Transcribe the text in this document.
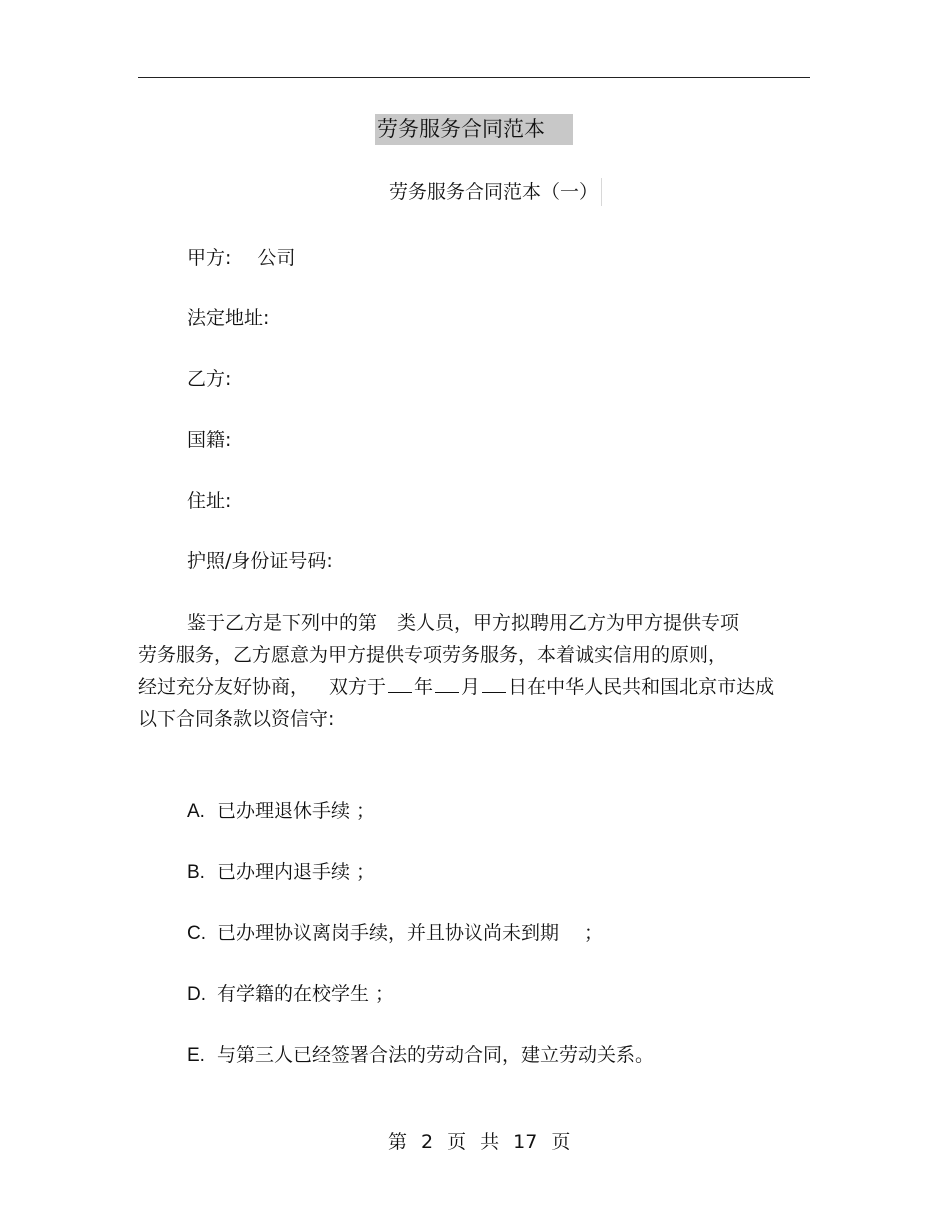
劳务服务合同范本
劳务服务合同范本（一）
甲方: 公司
法定地址:
乙方:
国籍:
住址:
护照/身份证号码:
鉴于乙方是下列中的第 类人员，甲方拟聘用乙方为甲方提供专项
劳务服务，乙方愿意为甲方提供专项劳务服务，本着诚实信用的原则，
经过充分友好协商， 双方于 年 月 日在中华人民共和国北京市达成
以下合同条款以资信守:
A. 已办理退休手续 ；
B. 已办理内退手续 ；
C. 已办理协议离岗手续，并且协议尚未到期　 ；
D. 有学籍的在校学生 ；
E. 与第三人已经签署合法的劳动合同，建立劳动关系。
第 2 页 共 17 页
